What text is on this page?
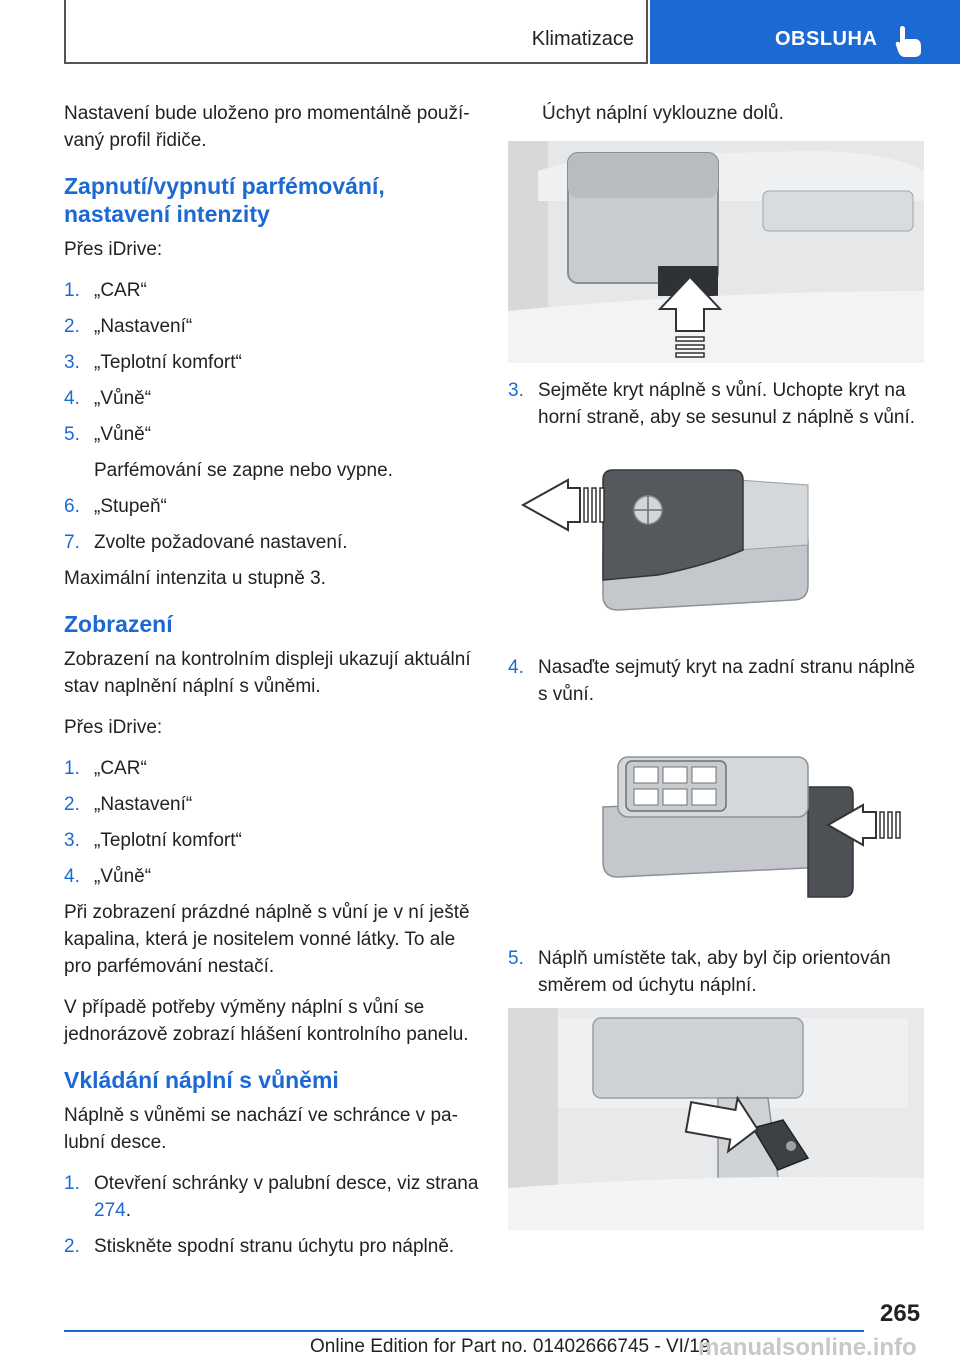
Klimatizace	OBSLUHA

Nastavení bude uloženo pro momentálně používaný profil řidiče.

Zapnutí/vypnutí parfémování, nastavení intenzity

Přes iDrive:

1. „CAR“
2. „Nastavení“
3. „Teplotní komfort“
4. „Vůně“
5. „Vůně“
Parfémování se zapne nebo vypne.
6. „Stupeň“
7. Zvolte požadované nastavení.

Maximální intenzita u stupně 3.

Zobrazení

Zobrazení na kontrolním displeji ukazují aktuální stav naplnění náplní s vůněmi.

Přes iDrive:

1. „CAR“
2. „Nastavení“
3. „Teplotní komfort“
4. „Vůně“

Při zobrazení prázdné náplně s vůní je v ní ještě kapalina, která je nositelem vonné látky. To ale pro parfémování nestačí.

V případě potřeby výměny náplní s vůní se jednorázově zobrazí hlášení kontrolního panelu.

Vkládání náplní s vůněmi

Náplně s vůněmi se nachází ve schránce v palubní desce.

1. Otevření schránky v palubní desce, viz strana 274.
2. Stiskněte spodní stranu úchytu pro náplně.

Úchyt náplní vyklouzne dolů.

3. Sejměte kryt náplně s vůní. Uchopte kryt na horní straně, aby se sesunul z náplně s vůní.
4. Nasaďte sejmutý kryt na zadní stranu náplně s vůní.
5. Náplň umístěte tak, aby byl čip orientován směrem od úchytu náplní.
265
Online Edition for Part no. 01402666745 - VI/19
manualsonline.info
